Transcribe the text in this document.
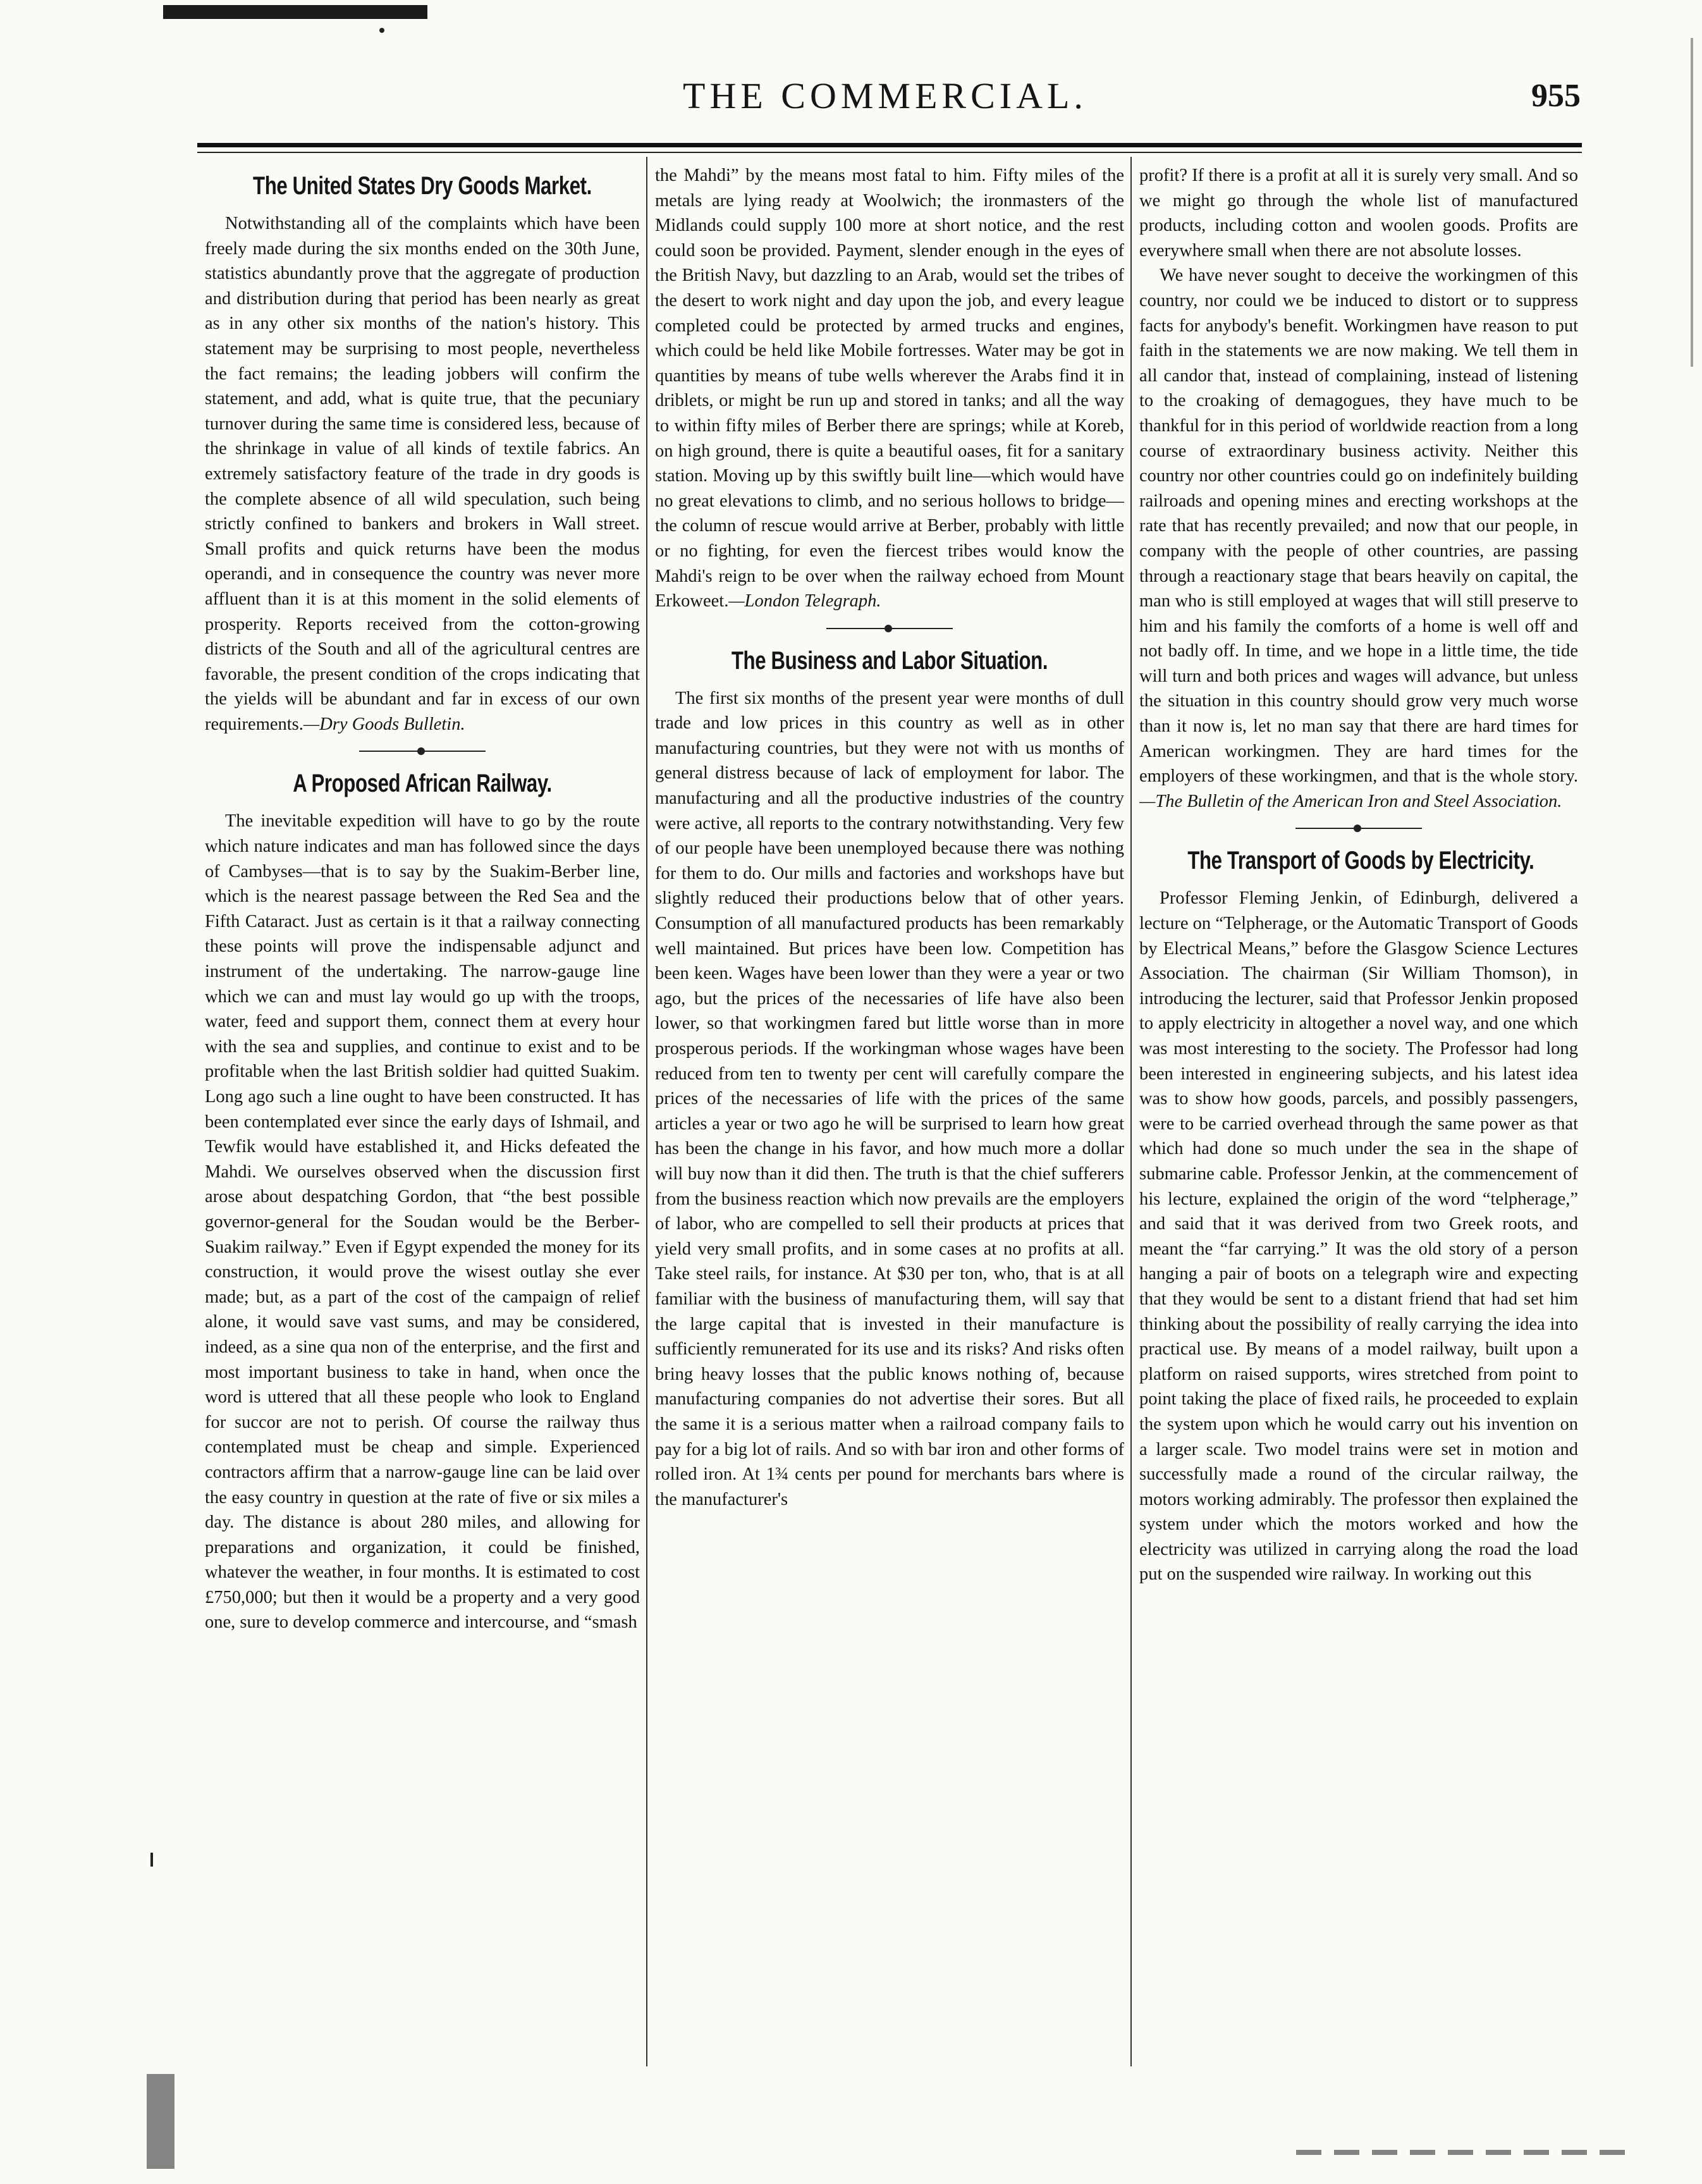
THE COMMERCIAL.	955
The United States Dry Goods Market.

Notwithstanding all of the complaints which have been freely made during the six months ended on the 30th June, statistics abundantly prove that the aggregate of production and distribution during that period has been nearly as great as in any other six months of the nation's history. This statement may be surprising to most people, nevertheless the fact remains; the leading jobbers will confirm the statement, and add, what is quite true, that the pecuniary turnover during the same time is considered less, because of the shrinkage in value of all kinds of textile fabrics. An extremely satisfactory feature of the trade in dry goods is the complete absence of all wild speculation, such being strictly confined to bankers and brokers in Wall street. Small profits and quick returns have been the modus operandi, and in consequence the country was never more affluent than it is at this moment in the solid elements of prosperity. Reports received from the cotton-growing districts of the South and all of the agricultural centres are favorable, the present condition of the crops indicating that the yields will be abundant and far in excess of our own requirements.—Dry Goods Bulletin.

A Proposed African Railway.

The inevitable expedition will have to go by the route which nature indicates and man has followed since the days of Cambyses—that is to say by the Suakim-Berber line, which is the nearest passage between the Red Sea and the Fifth Cataract. Just as certain is it that a railway connecting these points will prove the indispensable adjunct and instrument of the undertaking. The narrow-gauge line which we can and must lay would go up with the troops, water, feed and support them, connect them at every hour with the sea and supplies, and continue to exist and to be profitable when the last British soldier had quitted Suakim. Long ago such a line ought to have been constructed. It has been contemplated ever since the early days of Ishmail, and Tewfik would have established it, and Hicks defeated the Mahdi. We ourselves observed when the discussion first arose about despatching Gordon, that “the best possible governor-general for the Soudan would be the Berber-Suakim railway.” Even if Egypt expended the money for its construction, it would prove the wisest outlay she ever made; but, as a part of the cost of the campaign of relief alone, it would save vast sums, and may be considered, indeed, as a sine qua non of the enterprise, and the first and most important business to take in hand, when once the word is uttered that all these people who look to England for succor are not to perish. Of course the railway thus contemplated must be cheap and simple. Experienced contractors affirm that a narrow-gauge line can be laid over the easy country in question at the rate of five or six miles a day. The distance is about 280 miles, and allowing for preparations and organization, it could be finished, whatever the weather, in four months. It is estimated to cost £750,000; but then it would be a property and a very good one, sure to develop commerce and intercourse, and “smash

the Mahdi” by the means most fatal to him. Fifty miles of the metals are lying ready at Woolwich; the ironmasters of the Midlands could supply 100 more at short notice, and the rest could soon be provided. Payment, slender enough in the eyes of the British Navy, but dazzling to an Arab, would set the tribes of the desert to work night and day upon the job, and every league completed could be protected by armed trucks and engines, which could be held like Mobile fortresses. Water may be got in quantities by means of tube wells wherever the Arabs find it in driblets, or might be run up and stored in tanks; and all the way to within fifty miles of Berber there are springs; while at Koreb, on high ground, there is quite a beautiful oases, fit for a sanitary station. Moving up by this swiftly built line—which would have no great elevations to climb, and no serious hollows to bridge—the column of rescue would arrive at Berber, probably with little or no fighting, for even the fiercest tribes would know the Mahdi's reign to be over when the railway echoed from Mount Erkoweet.—London Telegraph.

The Business and Labor Situation.

The first six months of the present year were months of dull trade and low prices in this country as well as in other manufacturing countries, but they were not with us months of general distress because of lack of employment for labor. The manufacturing and all the productive industries of the country were active, all reports to the contrary notwithstanding. Very few of our people have been unemployed because there was nothing for them to do. Our mills and factories and workshops have but slightly reduced their productions below that of other years. Consumption of all manufactured products has been remarkably well maintained. But prices have been low. Competition has been keen. Wages have been lower than they were a year or two ago, but the prices of the necessaries of life have also been lower, so that workingmen fared but little worse than in more prosperous periods. If the workingman whose wages have been reduced from ten to twenty per cent will carefully compare the prices of the necessaries of life with the prices of the same articles a year or two ago he will be surprised to learn how great has been the change in his favor, and how much more a dollar will buy now than it did then. The truth is that the chief sufferers from the business reaction which now prevails are the employers of labor, who are compelled to sell their products at prices that yield very small profits, and in some cases at no profits at all. Take steel rails, for instance. At $30 per ton, who, that is at all familiar with the business of manufacturing them, will say that the large capital that is invested in their manufacture is sufficiently remunerated for its use and its risks? And risks often bring heavy losses that the public knows nothing of, because manufacturing companies do not advertise their sores. But all the same it is a serious matter when a railroad company fails to pay for a big lot of rails. And so with bar iron and other forms of rolled iron. At 1¾ cents per pound for merchants bars where is the manufacturer's

profit? If there is a profit at all it is surely very small. And so we might go through the whole list of manufactured products, including cotton and woolen goods. Profits are everywhere small when there are not absolute losses.

We have never sought to deceive the workingmen of this country, nor could we be induced to distort or to suppress facts for anybody's benefit. Workingmen have reason to put faith in the statements we are now making. We tell them in all candor that, instead of complaining, instead of listening to the croaking of demagogues, they have much to be thankful for in this period of worldwide reaction from a long course of extraordinary business activity. Neither this country nor other countries could go on indefinitely building railroads and opening mines and erecting workshops at the rate that has recently prevailed; and now that our people, in company with the people of other countries, are passing through a reactionary stage that bears heavily on capital, the man who is still employed at wages that will still preserve to him and his family the comforts of a home is well off and not badly off. In time, and we hope in a little time, the tide will turn and both prices and wages will advance, but unless the situation in this country should grow very much worse than it now is, let no man say that there are hard times for American workingmen. They are hard times for the employers of these workingmen, and that is the whole story.—The Bulletin of the American Iron and Steel Association.

The Transport of Goods by Electricity.

Professor Fleming Jenkin, of Edinburgh, delivered a lecture on “Telpherage, or the Automatic Transport of Goods by Electrical Means,” before the Glasgow Science Lectures Association. The chairman (Sir William Thomson), in introducing the lecturer, said that Professor Jenkin proposed to apply electricity in altogether a novel way, and one which was most interesting to the society. The Professor had long been interested in engineering subjects, and his latest idea was to show how goods, parcels, and possibly passengers, were to be carried overhead through the same power as that which had done so much under the sea in the shape of submarine cable. Professor Jenkin, at the commencement of his lecture, explained the origin of the word “telpherage,” and said that it was derived from two Greek roots, and meant the “far carrying.” It was the old story of a person hanging a pair of boots on a telegraph wire and expecting that they would be sent to a distant friend that had set him thinking about the possibility of really carrying the idea into practical use. By means of a model railway, built upon a platform on raised supports, wires stretched from point to point taking the place of fixed rails, he proceeded to explain the system upon which he would carry out his invention on a larger scale. Two model trains were set in motion and successfully made a round of the circular railway, the motors working admirably. The professor then explained the system under which the motors worked and how the electricity was utilized in carrying along the road the load put on the suspended wire railway. In working out this
